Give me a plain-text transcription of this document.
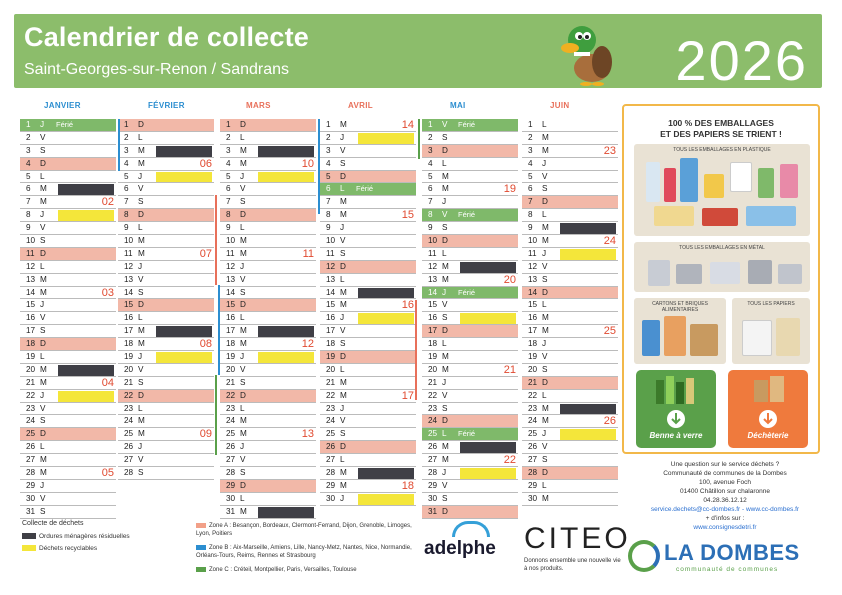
Calendrier de collecte
Saint-Georges-sur-Renon / Sandrans	2026
JANVIER
1	J	Férié
2	V
3	S
4	D
5	L
6	M
7	M	02
8	J
9	V
10 S
11 D
12 L
13 M
14 M	03
15 J
16 V
17 S
18 D
19 L
20 M
21 M	04
22 J
23 V
24 S
25 D
26 L
27 M
28 M	05
29 J
30 V
31 S
FÉVRIER
1	D
2	L
3	M
4	M	06
5	J
6	V
7	S
8	D
9	L
10 M
11 M	07
12 J
13 V
14 S
15 D
16 L
17 M
18 M	08
19 J
20 V
21 S
22 D
23 L
24 M
25 M	09
26 J
27 V
28 S
MARS
1	D
2	L
3	M
4	M	10
5	J
6	V
7	S
8	D
9	L
10 M
11 M	11
12 J
13 V
14 S
15 D
16 L
17 M
18 M	12
19 J
20 V
21 S
22 D
23 L
24 M
25 M	13
26 J
27 V
28 S
29 D
30 L
31 M
AVRIL
1	M	14
2	J
3	V
4	S
5	D
6	L	Férié
7	M
8	M	15
9	J
10 V
11 S
12 D
13 L
14 M
15 M	16
16 J
17 V
18 S
19 D
20 L
21 M
22 M	17
23 J
24 V
25 S
26 D
27 L
28 M
29 M	18
30 J
MAI
1	V	Férié
2	S
3	D
4	L
5	M
6	M	19
7	J
8	V	Férié
9	S
10 D
11 L
12 M
13 M	20
14 J	Férié
15 V
16 S
17 D
18 L
19 M
20 M	21
21 J
22 V
23 S
24 D
25 L	Férié
26 M
27 M	22
28 J
29 V
30 S
31 D
JUIN
1	L
2	M
3	M	23
4	J
5	V
6	S
7	D
8	L
9	M
10 M	24
11 J
12 V
13 S
14 D
15 L
16 M
17 M	25
18 J
19 V
20 S
21 D
22 L
23 M
24 M	26
25 J
26 V
27 S
28 D
29 L
30 M
100 % DES EMBALLAGES
ET DES PAPIERS SE TRIENT !
TOUS LES EMBALLAGES EN PLASTIQUE
TOUS LES EMBALLAGES EN MÉTAL
CARTONS ET BRIQUES ALIMENTAIRES
TOUS LES PAPIERS
Benne à verre	Déchèterie
Une question sur le service déchets ?
Communauté de communes de la Dombes
100, avenue Foch
01400 Châtillon sur chalaronne
04.28.36.12.12
service.dechets@cc-dombes.fr - www.cc-dombes.fr
+ d'infos sur :
www.consignesdetri.fr
Collecte de déchets
Ordures ménagères résiduelles
Déchets recyclables
Zone A : Besançon, Bordeaux, Clermont-Ferrand, Dijon, Grenoble, Limoges, Lyon, Poitiers
Zone B : Aix-Marseille, Amiens, Lille, Nancy-Metz, Nantes, Nice, Normandie, Orléans-Tours, Reims, Rennes et Strasbourg
Zone C : Créteil, Montpellier, Paris, Versailles, Toulouse
adelphe CITEO
Donnons ensemble une nouvelle vie à nos produits.
LA DOMBES
communauté de communes
